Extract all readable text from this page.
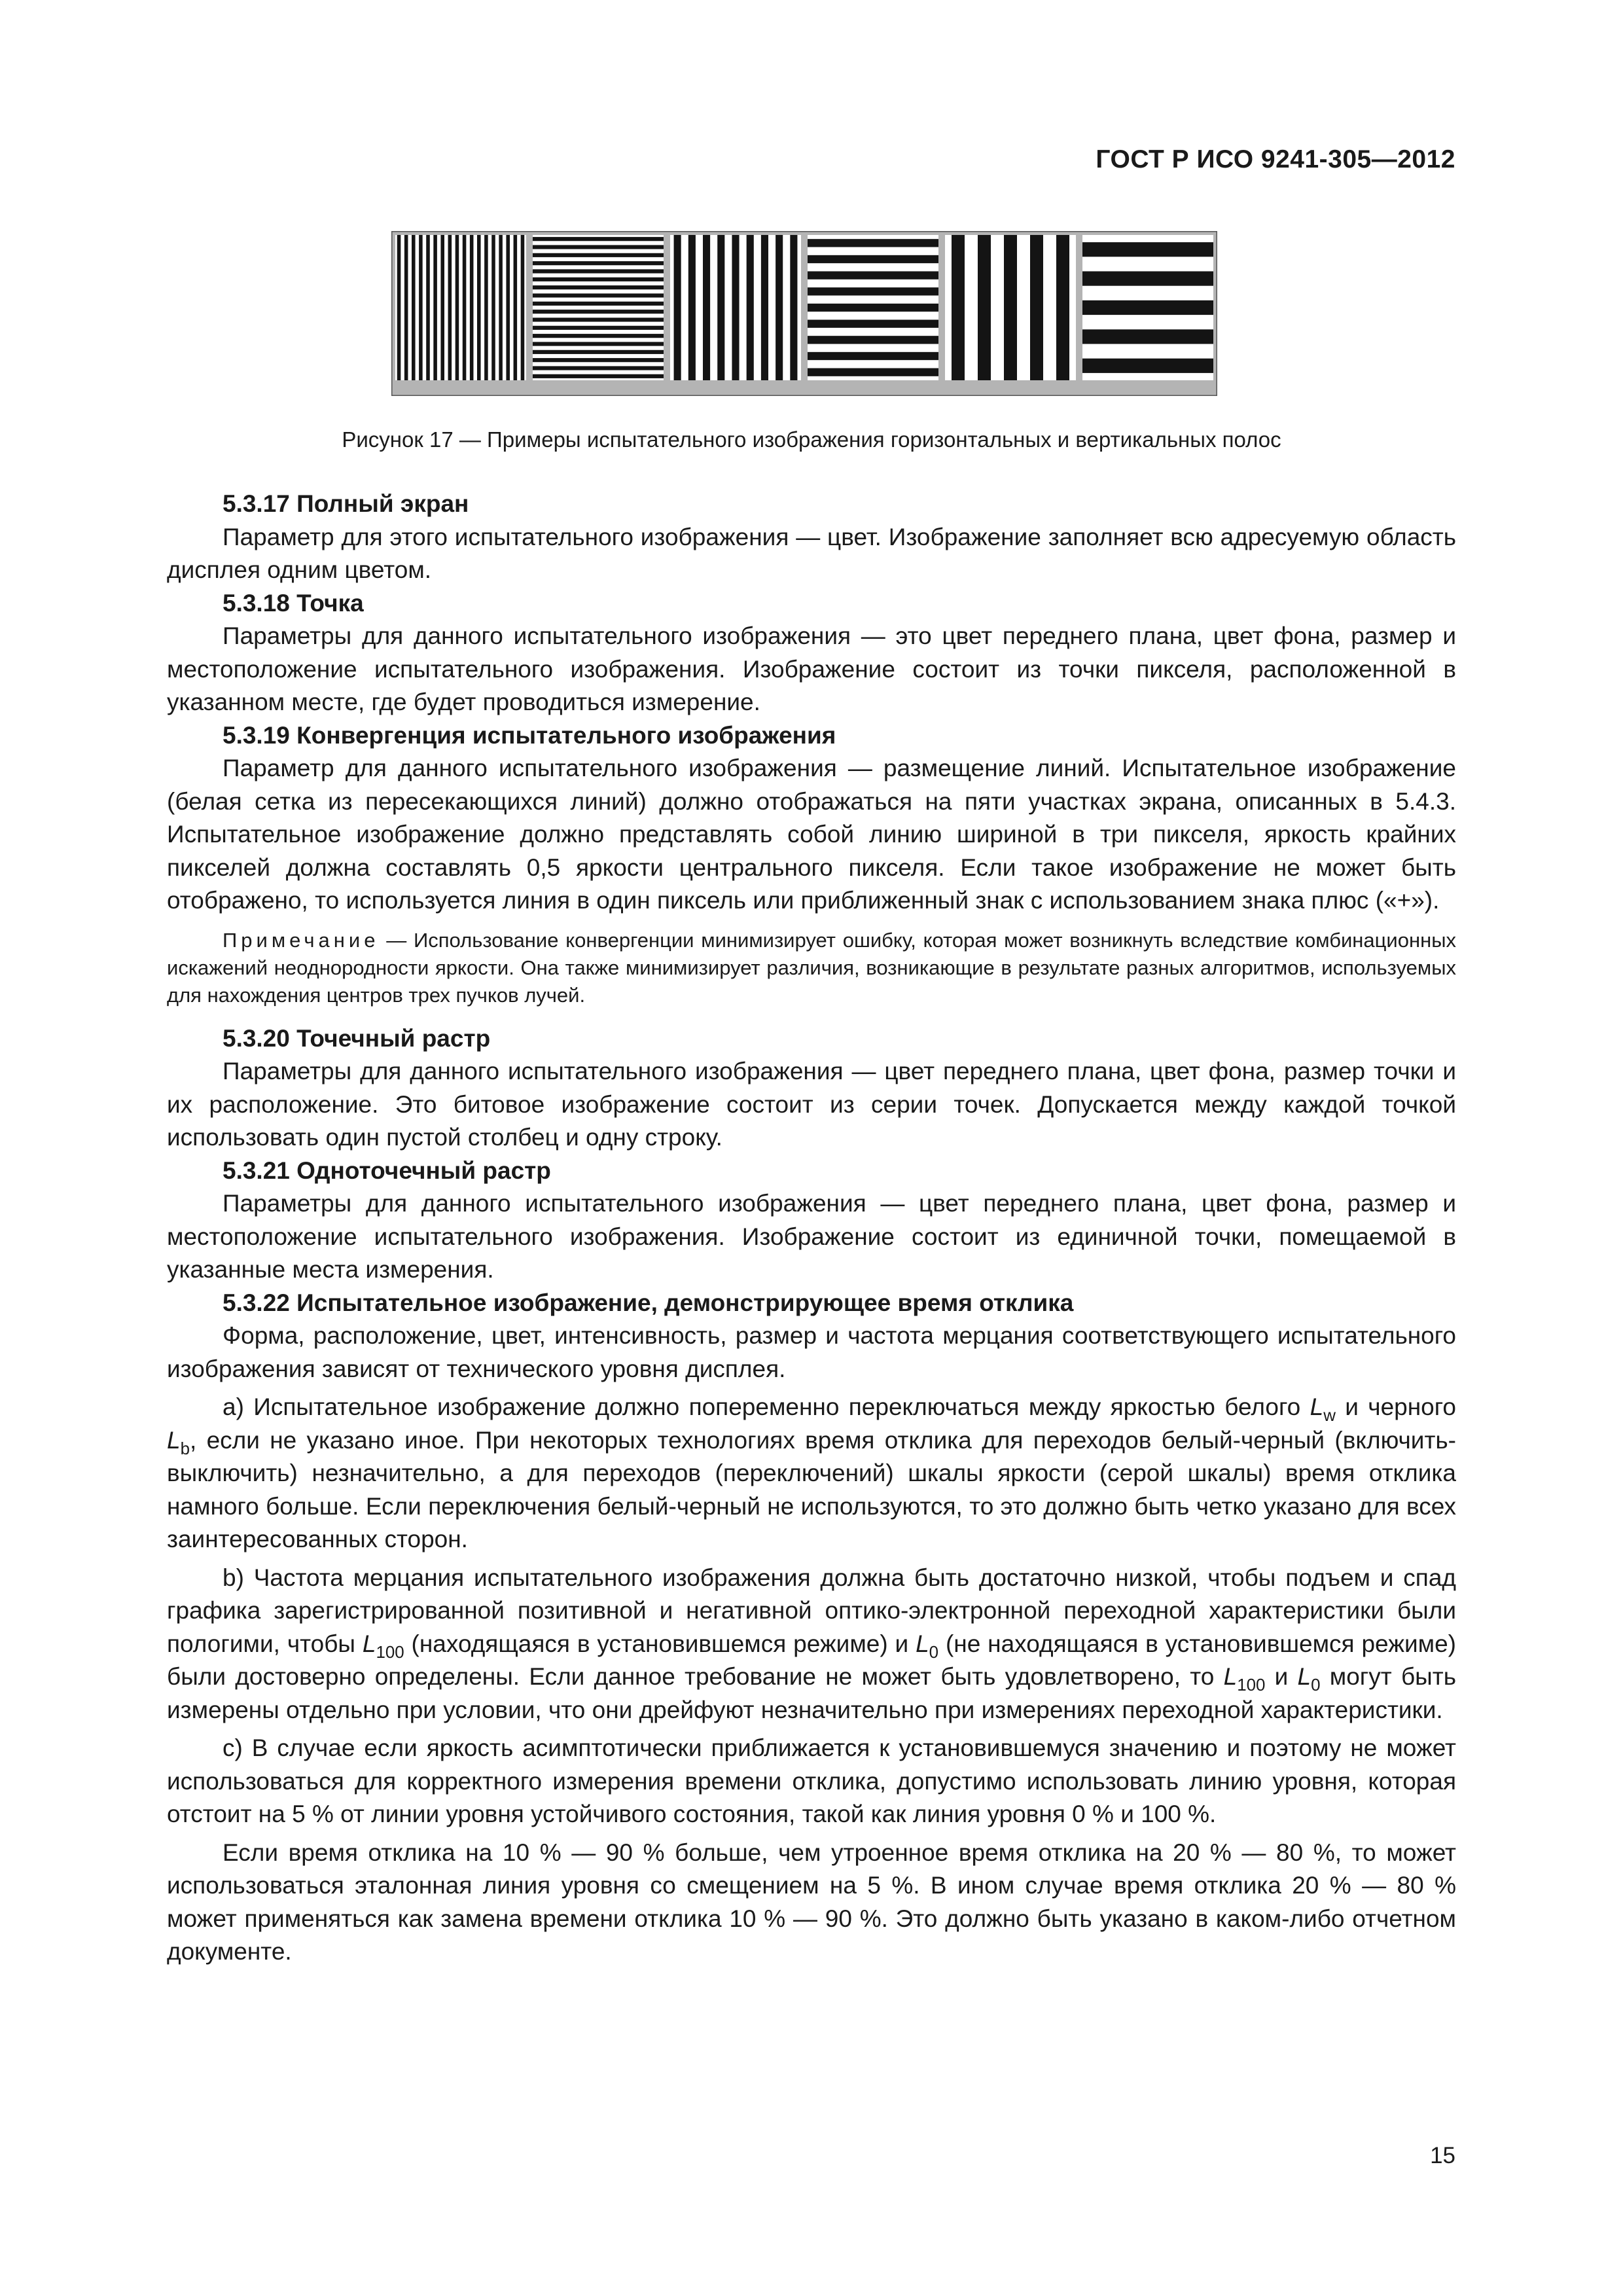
ГОСТ Р ИСО 9241-305—2012
Рисунок 17 — Примеры испытательного изображения горизонтальных и вертикальных полос

5.3.17 Полный экран

Параметр для этого испытательного изображения — цвет. Изображение заполняет всю адресуемую область дисплея одним цветом.

5.3.18 Точка

Параметры для данного испытательного изображения — это цвет переднего плана, цвет фона, размер и местоположение испытательного изображения. Изображение состоит из точки пикселя, расположенной в указанном месте, где будет проводиться измерение.

5.3.19 Конвергенция испытательного изображения

Параметр для данного испытательного изображения — размещение линий. Испытательное изображение (белая сетка из пересекающихся линий) должно отображаться на пяти участках экрана, описанных в 5.4.3. Испытательное изображение должно представлять собой линию шириной в три пикселя, яркость крайних пикселей должна составлять 0,5 яркости центрального пикселя. Если такое изображение не может быть отображено, то используется линия в один пиксель или приближенный знак с использованием знака плюс («+»).

Примечание — Использование конвергенции минимизирует ошибку, которая может возникнуть вследствие комбинационных искажений неоднородности яркости. Она также минимизирует различия, возникающие в результате разных алгоритмов, используемых для нахождения центров трех пучков лучей.

5.3.20 Точечный растр

Параметры для данного испытательного изображения — цвет переднего плана, цвет фона, размер точки и их расположение. Это битовое изображение состоит из серии точек. Допускается между каждой точкой использовать один пустой столбец и одну строку.

5.3.21 Одноточечный растр

Параметры для данного испытательного изображения — цвет переднего плана, цвет фона, размер и местоположение испытательного изображения. Изображение состоит из единичной точки, помещаемой в указанные места измерения.

5.3.22 Испытательное изображение, демонстрирующее время отклика

Форма, расположение, цвет, интенсивность, размер и частота мерцания соответствующего испытательного изображения зависят от технического уровня дисплея.

a) Испытательное изображение должно попеременно переключаться между яркостью белого $L_w$ и черного $L_b$, если не указано иное. При некоторых технологиях время отклика для переходов белый-черный (включить-выключить) незначительно, а для переходов (переключений) шкалы яркости (серой шкалы) время отклика намного больше. Если переключения белый-черный не используются, то это должно быть четко указано для всех заинтересованных сторон.

b) Частота мерцания испытательного изображения должна быть достаточно низкой, чтобы подъем и спад графика зарегистрированной позитивной и негативной оптико-электронной переходной характеристики были пологими, чтобы $L_{100}$ (находящаяся в установившемся режиме) и $L_0$ (не находящаяся в установившемся режиме) были достоверно определены. Если данное требование не может быть удовлетворено, то $L_{100}$ и $L_0$ могут быть измерены отдельно при условии, что они дрейфуют незначительно при измерениях переходной характеристики.

c) В случае если яркость асимптотически приближается к установившемуся значению и поэтому не может использоваться для корректного измерения времени отклика, допустимо использовать линию уровня, которая отстоит на 5 % от линии уровня устойчивого состояния, такой как линия уровня 0 % и 100 %.

Если время отклика на 10 % — 90 % больше, чем утроенное время отклика на 20 % — 80 %, то может использоваться эталонная линия уровня со смещением на 5 %. В ином случае время отклика 20 % — 80 % может применяться как замена времени отклика 10 % — 90 %. Это должно быть указано в каком-либо отчетном документе.

15
